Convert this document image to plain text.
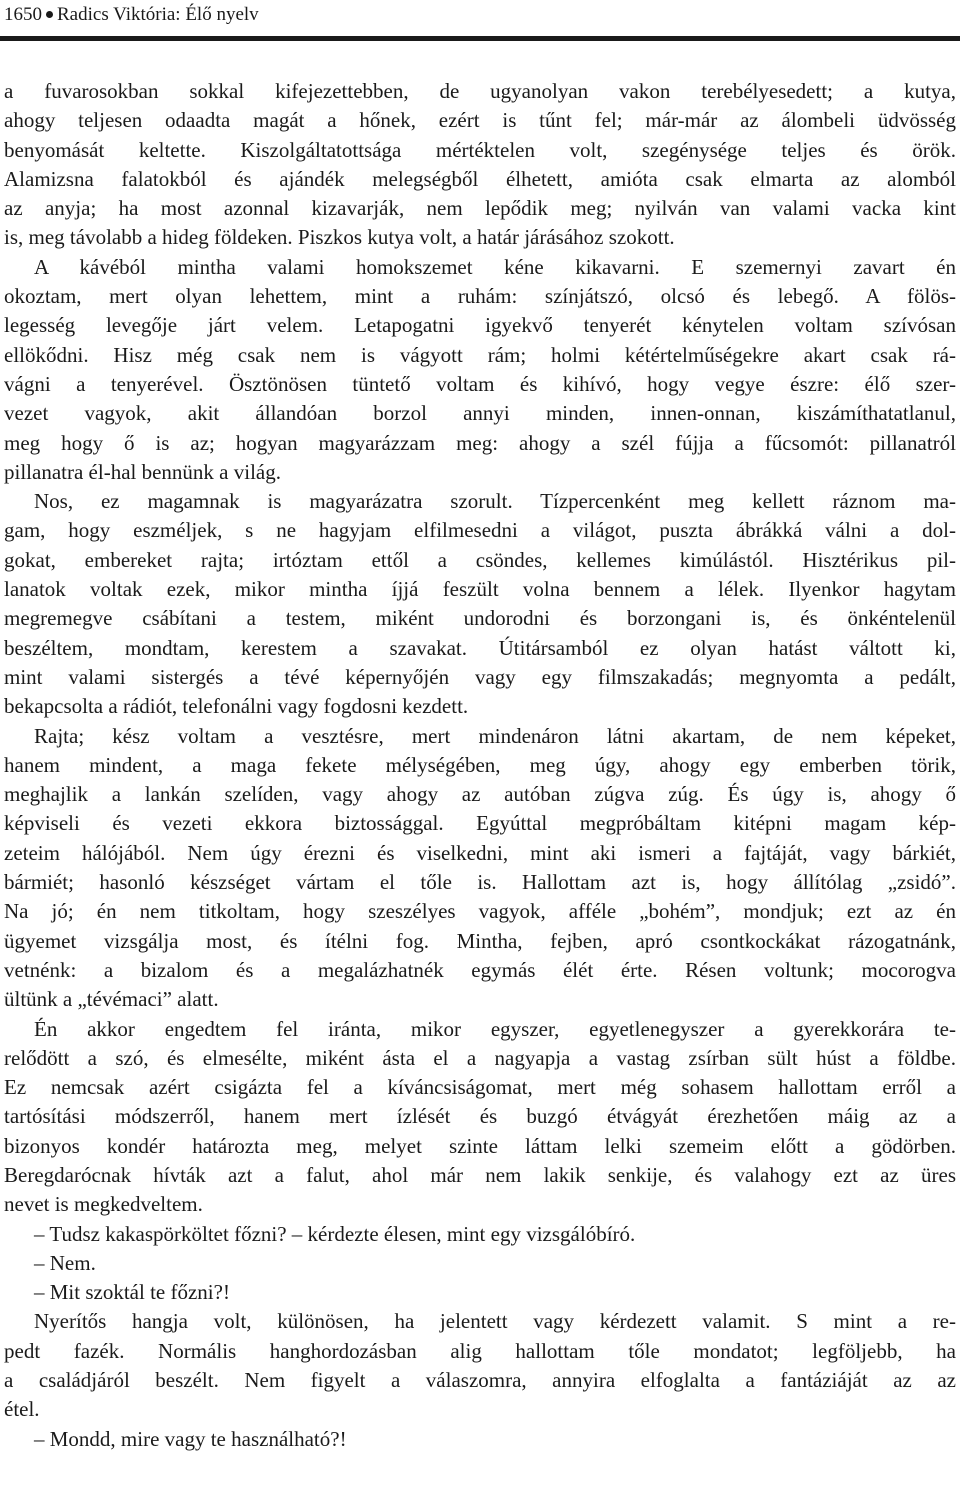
1650 Radics Viktória: Élő nyelv
a fuvarosokban sokkal kifejezettebben, de ugyanolyan vakon terebélyesedett; a kutya,
ahogy teljesen odaadta magát a hőnek, ezért is tűnt fel; már-már az álombeli üdvösség
benyomását keltette. Kiszolgáltatottsága mértéktelen volt, szegénysége teljes és örök.
Alamizsna falatokból és ajándék melegségből élhetett, amióta csak elmarta az alomból
az anyja; ha most azonnal kizavarják, nem lepődik meg; nyilván van valami vacka kint
is, meg távolabb a hideg földeken. Piszkos kutya volt, a határ járásához szokott.
A kávéból mintha valami homokszemet kéne kikavarni. E szemernyi zavart én
okoztam, mert olyan lehettem, mint a ruhám: színjátszó, olcsó és lebegő. A fölös-
legesség levegője járt velem. Letapogatni igyekvő tenyerét kénytelen voltam szívósan
ellökődni. Hisz még csak nem is vágyott rám; holmi kétértelműségekre akart csak rá-
vágni a tenyerével. Ösztönösen tüntető voltam és kihívó, hogy vegye észre: élő szer-
vezet vagyok, akit állandóan borzol annyi minden, innen-onnan, kiszámíthatatlanul,
meg hogy ő is az; hogyan magyarázzam meg: ahogy a szél fújja a fűcsomót: pillanatról
pillanatra él-hal bennünk a világ.
Nos, ez magamnak is magyarázatra szorult. Tízpercenként meg kellett ráznom ma-
gam, hogy eszméljek, s ne hagyjam elfilmesedni a világot, puszta ábrákká válni a dol-
gokat, embereket rajta; irtóztam ettől a csöndes, kellemes kimúlástól. Hisztérikus pil-
lanatok voltak ezek, mikor mintha íjjá feszült volna bennem a lélek. Ilyenkor hagytam
megremegve csábítani a testem, miként undorodni és borzongani is, és önkéntelenül
beszéltem, mondtam, kerestem a szavakat. Útitársamból ez olyan hatást váltott ki,
mint valami sistergés a tévé képernyőjén vagy egy filmszakadás; megnyomta a pedált,
bekapcsolta a rádiót, telefonálni vagy fogdosni kezdett.
Rajta; kész voltam a vesztésre, mert mindenáron látni akartam, de nem képeket,
hanem mindent, a maga fekete mélységében, meg úgy, ahogy egy emberben törik,
meghajlik a lankán szelíden, vagy ahogy az autóban zúgva zúg. És úgy is, ahogy ő
képviseli és vezeti ekkora biztossággal. Egyúttal megpróbáltam kitépni magam kép-
zeteim hálójából. Nem úgy érezni és viselkedni, mint aki ismeri a fajtáját, vagy bárkiét,
bármiét; hasonló készséget vártam el tőle is. Hallottam azt is, hogy állítólag „zsidó”.
Na jó; én nem titkoltam, hogy szeszélyes vagyok, afféle „bohém”, mondjuk; ezt az én
ügyemet vizsgálja most, és ítélni fog. Mintha, fejben, apró csontkockákat rázogatnánk,
vetnénk: a bizalom és a megalázhatnék egymás élét érte. Résen voltunk; mocorogva
ültünk a „tévémaci” alatt.
Én akkor engedtem fel iránta, mikor egyszer, egyetlenegyszer a gyerekkorára te-
relődött a szó, és elmesélte, miként ásta el a nagyapja a vastag zsírban sült húst a földbe.
Ez nemcsak azért csigázta fel a kíváncsiságomat, mert még sohasem hallottam erről a
tartósítási módszerről, hanem mert ízlését és buzgó étvágyát érezhetően máig az a
bizonyos kondér határozta meg, melyet szinte láttam lelki szemeim előtt a gödörben.
Beregdarócnak hívták azt a falut, ahol már nem lakik senkije, és valahogy ezt az üres
nevet is megkedveltem.
– Tudsz kakaspörköltet főzni? – kérdezte élesen, mint egy vizsgálóbíró.
– Nem.
– Mit szoktál te főzni?!
Nyerítős hangja volt, különösen, ha jelentett vagy kérdezett valamit. S mint a re-
pedt fazék. Normális hanghordozásban alig hallottam tőle mondatot; legföljebb, ha
a családjáról beszélt. Nem figyelt a válaszomra, annyira elfoglalta a fantáziáját az az
étel.
– Mondd, mire vagy te használható?!
